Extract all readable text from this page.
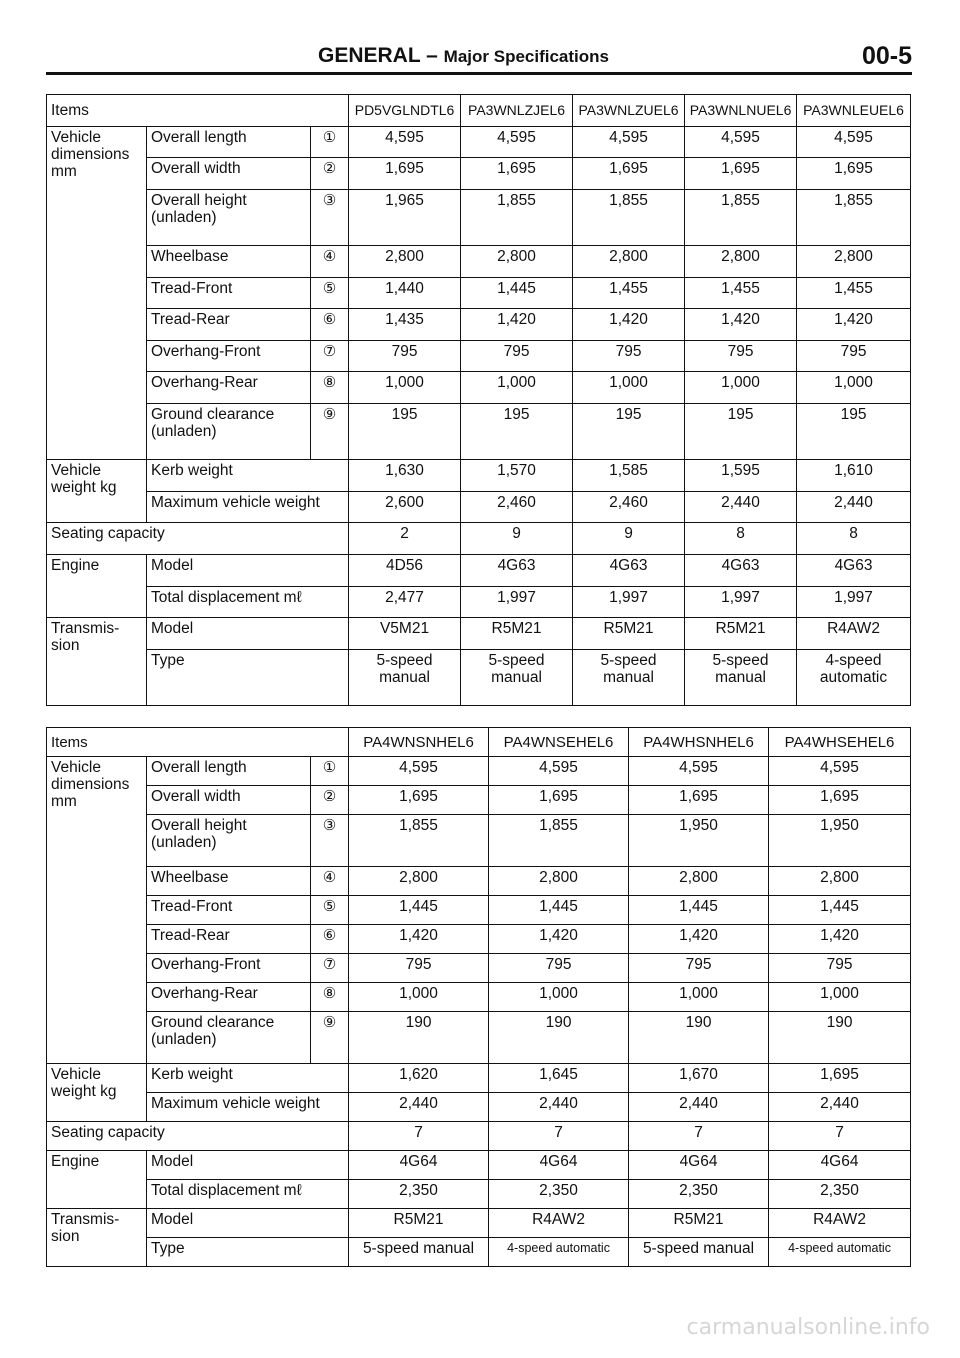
GENERAL – Major Specifications	00-5
Items			PD5VGLNDTL6	PA3WNLZJEL6	PA3WNLZUEL6	PA3WNLNUEL6	PA3WNLEUEL6
Vehicle dimensions mm	Overall length	①	4,595	4,595	4,595	4,595	4,595
	Overall width	②	1,695	1,695	1,695	1,695	1,695
	Overall height (unladen)	③	1,965	1,855	1,855	1,855	1,855
	Wheelbase	④	2,800	2,800	2,800	2,800	2,800
	Tread-Front	⑤	1,440	1,445	1,455	1,455	1,455
	Tread-Rear	⑥	1,435	1,420	1,420	1,420	1,420
	Overhang-Front	⑦	795	795	795	795	795
	Overhang-Rear	⑧	1,000	1,000	1,000	1,000	1,000
	Ground clearance (unladen)	⑨	195	195	195	195	195
Vehicle weight kg	Kerb weight		1,630	1,570	1,585	1,595	1,610
	Maximum vehicle weight		2,600	2,460	2,460	2,440	2,440
Seating capacity			2	9	9	8	8
Engine	Model		4D56	4G63	4G63	4G63	4G63
	Total displacement mℓ		2,477	1,997	1,997	1,997	1,997
Transmis- sion	Model		V5M21	R5M21	R5M21	R5M21	R4AW2
	Type		5-speed manual	5-speed manual	5-speed manual	5-speed manual	4-speed automatic
Items			PA4WNSNHEL6	PA4WNSEHEL6	PA4WHSNHEL6	PA4WHSEHEL6
Vehicle dimensions mm	Overall length	①	4,595	4,595	4,595	4,595
	Overall width	②	1,695	1,695	1,695	1,695
	Overall height (unladen)	③	1,855	1,855	1,950	1,950
	Wheelbase	④	2,800	2,800	2,800	2,800
	Tread-Front	⑤	1,445	1,445	1,445	1,445
	Tread-Rear	⑥	1,420	1,420	1,420	1,420
	Overhang-Front	⑦	795	795	795	795
	Overhang-Rear	⑧	1,000	1,000	1,000	1,000
	Ground clearance (unladen)	⑨	190	190	190	190
Vehicle weight kg	Kerb weight		1,620	1,645	1,670	1,695
	Maximum vehicle weight		2,440	2,440	2,440	2,440
Seating capacity			7	7	7	7
Engine	Model		4G64	4G64	4G64	4G64
	Total displacement mℓ		2,350	2,350	2,350	2,350
Transmis- sion	Model		R5M21	R4AW2	R5M21	R4AW2
	Type		5-speed manual	4-speed automatic	5-speed manual	4-speed automatic
carmanualsonline.info
